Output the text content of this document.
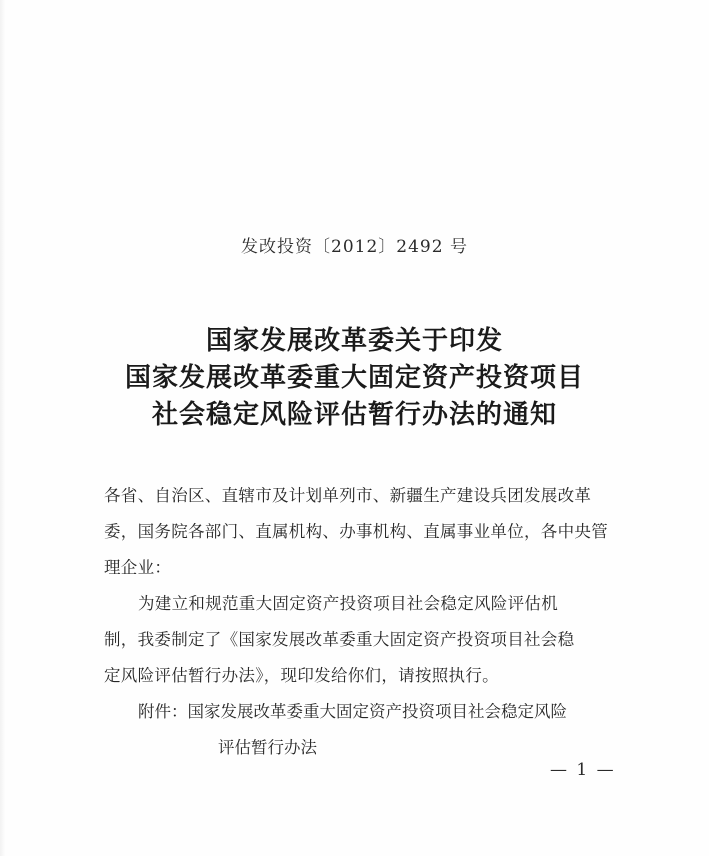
发改投资〔2012〕2492 号
国家发展改革委关于印发
国家发展改革委重大固定资产投资项目
社会稳定风险评估暂行办法的通知
各省、自治区、直辖市及计划单列市、新疆生产建设兵团发展改革
委，国务院各部门、直属机构、办事机构、直属事业单位，各中央管
理企业：
为建立和规范重大固定资产投资项目社会稳定风险评估机
制，我委制定了《国家发展改革委重大固定资产投资项目社会稳
定风险评估暂行办法》，现印发给你们，请按照执行。
附件：国家发展改革委重大固定资产投资项目社会稳定风险
评估暂行办法
— 1 —
